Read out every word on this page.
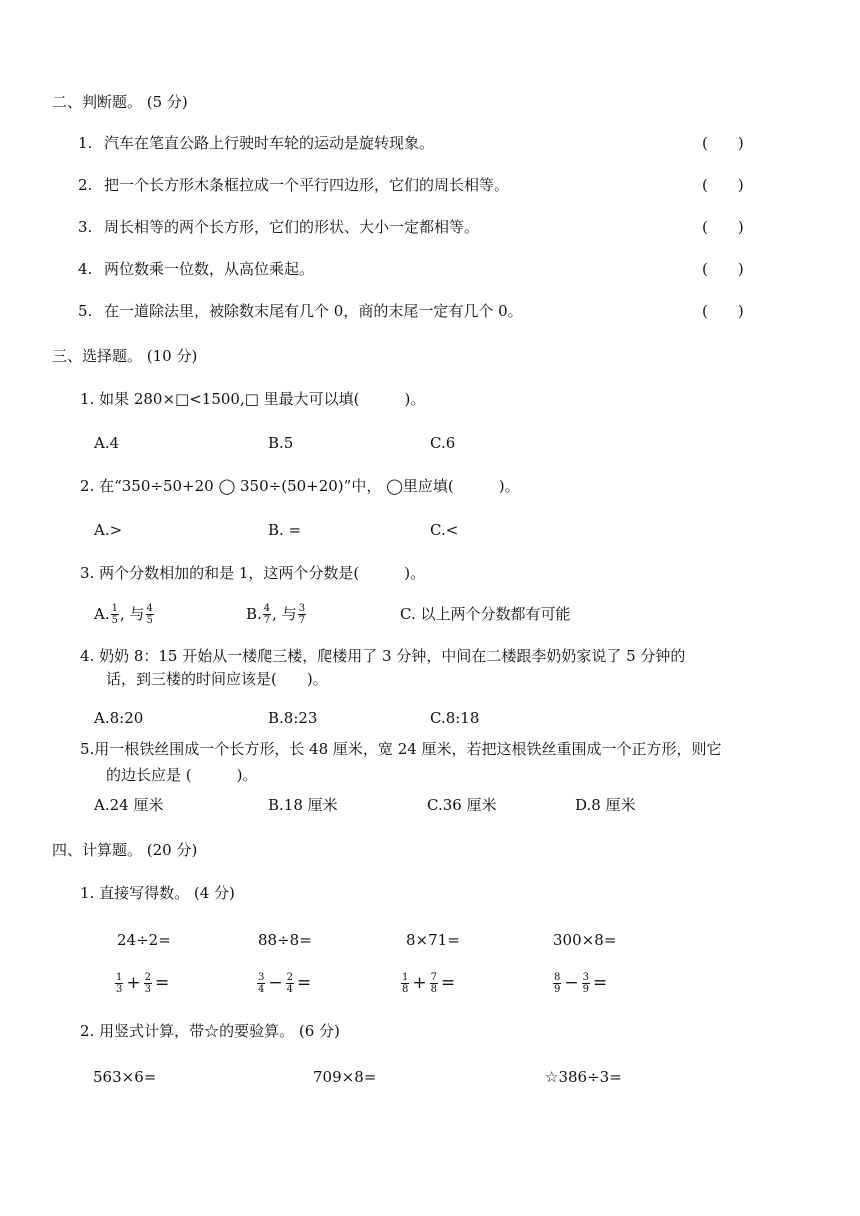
二、判断题。 (5 分)
1. 汽车在笔直公路上行驶时车轮的运动是旋转现象。	(　　)
2. 把一个长方形木条框拉成一个平行四边形，它们的周长相等。	(　　)
3. 周长相等的两个长方形，它们的形状、大小一定都相等。	(　　)
4. 两位数乘一位数，从高位乘起。	(　　)
5. 在一道除法里，被除数末尾有几个 0，商的末尾一定有几个 0。	(　　)
三、选择题。 (10 分)
1. 如果 280×□<1500,□ 里最大可以填(　　　)。
A.4	B.5	C.6
2. 在“350÷50+20 ◯ 350÷(50+20)”中， ◯里应填(　　　)。
A.>	B. =	C.<
3. 两个分数相加的和是 1，这两个分数是(　　　)。
A. $\frac{1}{5}$ , 与 $\frac{4}{5}$	B. $\frac{4}{7}$ , 与 $\frac{3}{7}$	C. 以上两个分数都有可能
4. 奶奶 8：15 开始从一楼爬三楼，爬楼用了 3 分钟，中间在二楼跟李奶奶家说了 5 分钟的
话，到三楼的时间应该是(　　)。
A.8:20	B.8:23	C.8:18
5.用一根铁丝围成一个长方形，长 48 厘米，宽 24 厘米，若把这根铁丝重围成一个正方形，则它
的边长应是 (　　　)。
A.24 厘米	B.18 厘米	C.36 厘米	D.8 厘米
四、计算题。 (20 分)
1. 直接写得数。 (4 分)
24÷2=	88÷8=	8×71=	300×8=
$\frac{1}{3} + \frac{2}{3}$ =	$\frac{3}{4} - \frac{2}{4}$ =	$\frac{1}{8} + \frac{7}{8}$ =	$\frac{8}{9} - \frac{3}{9}$ =
2. 用竖式计算，带☆的要验算。 (6 分)
563×6=	709×8=	☆386÷3=
